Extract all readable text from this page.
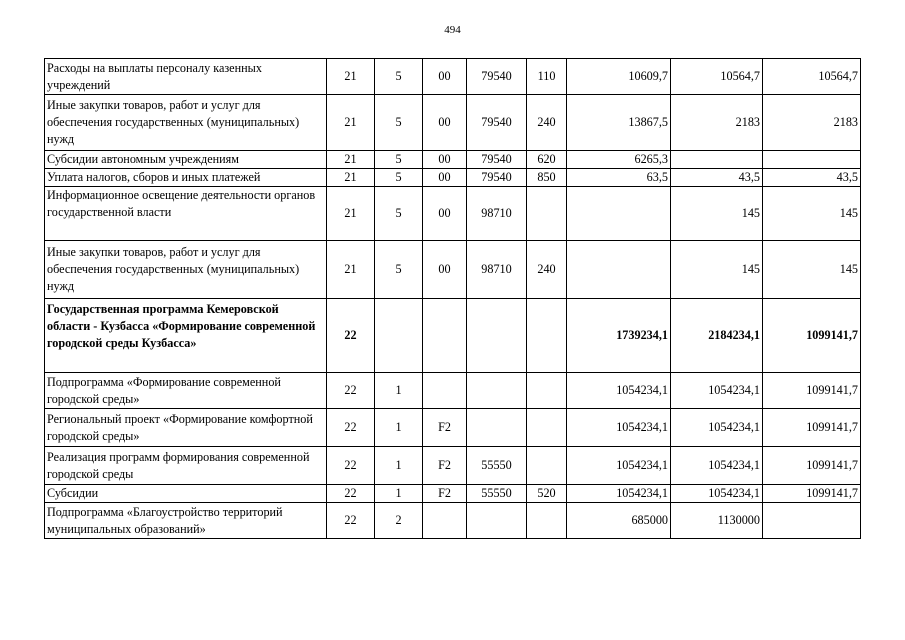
494
Расходы на выплаты персоналу казенных учреждений	21	5	00	79540	110	10609,7	10564,7	10564,7
Иные закупки товаров, работ и услуг для обеспечения государственных (муниципальных) нужд	21	5	00	79540	240	13867,5	2183	2183
Субсидии автономным учреждениям	21	5	00	79540	620	6265,3		
Уплата налогов, сборов и иных платежей	21	5	00	79540	850	63,5	43,5	43,5
Информационное освещение деятельности органов государственной власти	21	5	00	98710			145	145
Иные закупки товаров, работ и услуг для обеспечения государственных (муниципальных) нужд	21	5	00	98710	240		145	145
Государственная программа Кемеровской области - Кузбасса «Формирование современной городской среды Кузбасса»	22					1739234,1	2184234,1	1099141,7
Подпрограмма «Формирование современной городской среды»	22	1				1054234,1	1054234,1	1099141,7
Региональный проект «Формирование комфортной городской среды»	22	1	F2			1054234,1	1054234,1	1099141,7
Реализация программ формирования современной городской среды	22	1	F2	55550		1054234,1	1054234,1	1099141,7
Субсидии	22	1	F2	55550	520	1054234,1	1054234,1	1099141,7
Подпрограмма «Благоустройство территорий муниципальных образований»	22	2				685000	1130000	
